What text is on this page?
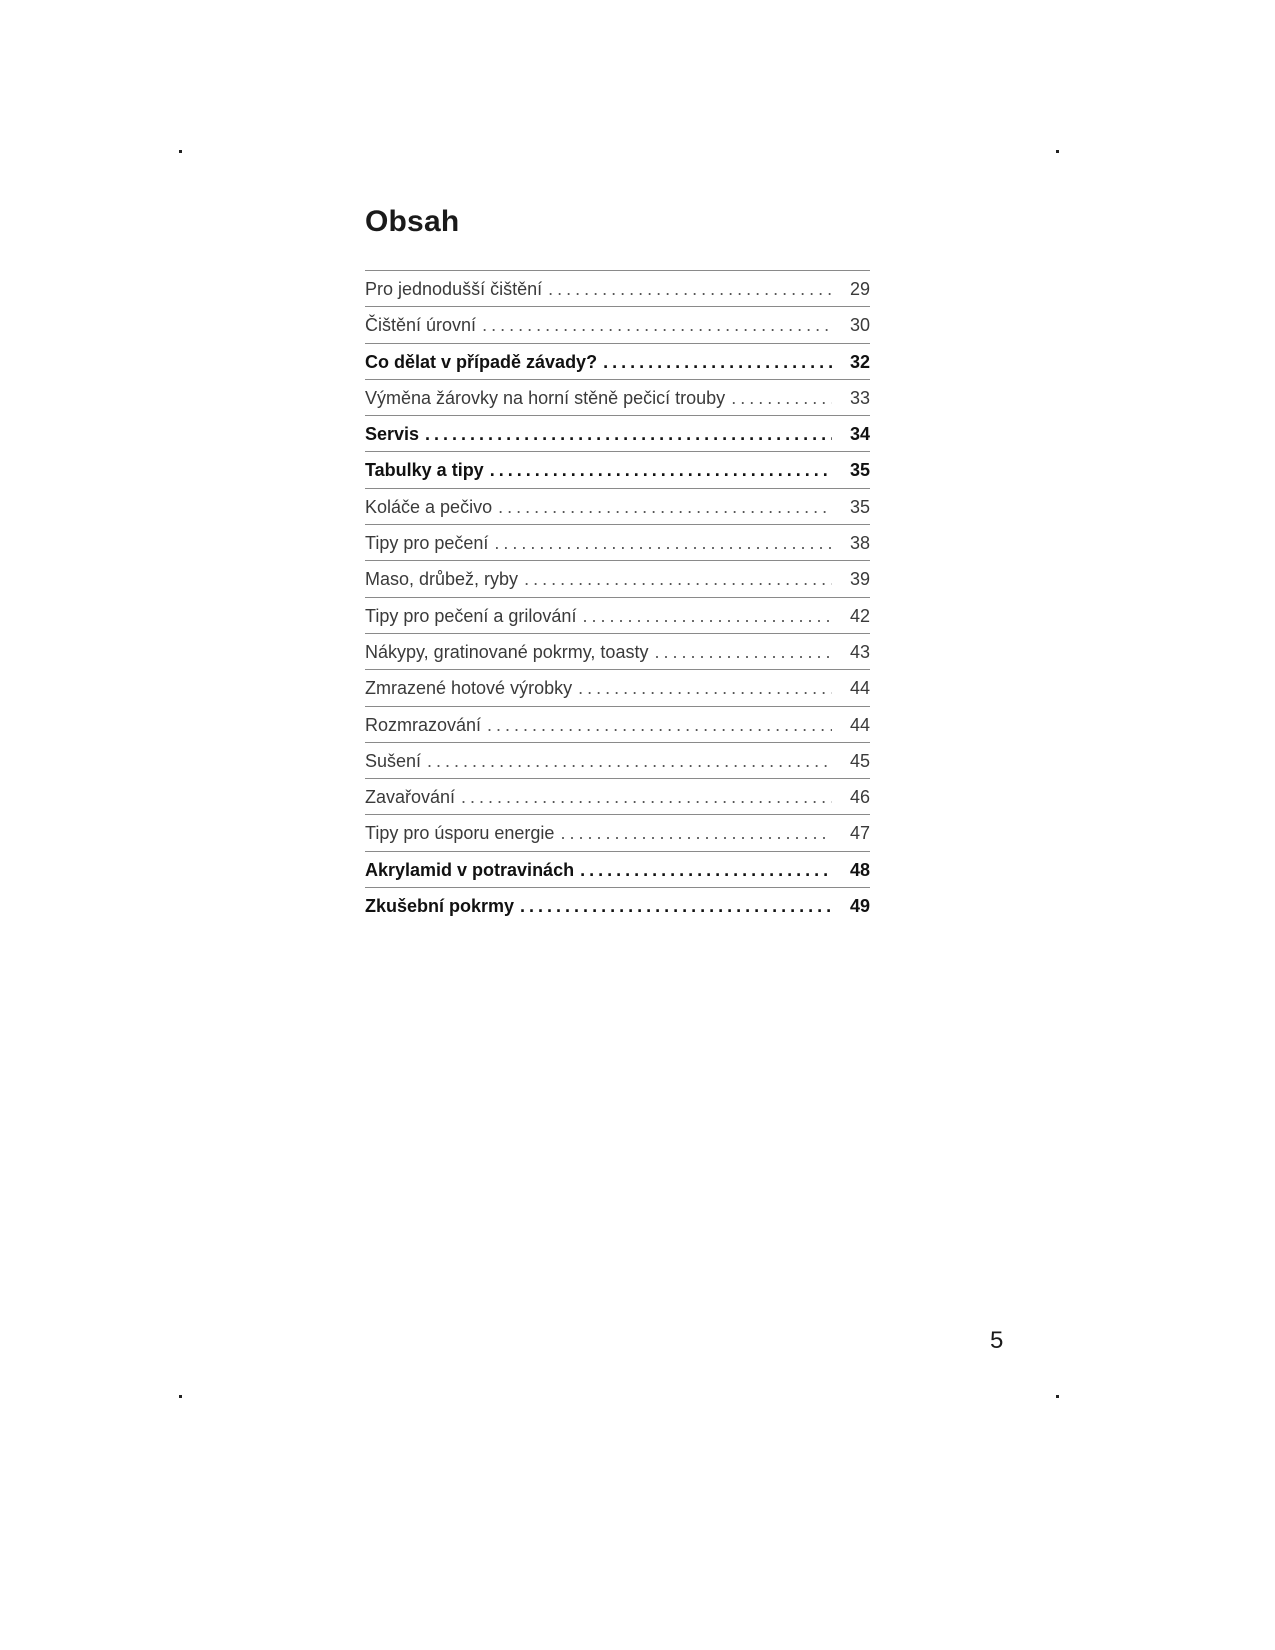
Obsah
Pro jednodušší čištění . . .	29
Čištění úrovní . . .	30
Co dělat v případě závady? . . .	32
Výměna žárovky na horní stěně pečicí trouby . . .	33
Servis . . .	34
Tabulky a tipy . . .	35
Koláče a pečivo . . .	35
Tipy pro pečení . . .	38
Maso, drůbež, ryby . . .	39
Tipy pro pečení a grilování . . .	42
Nákypy, gratinované pokrmy, toasty . . .	43
Zmrazené hotové výrobky . . .	44
Rozmrazování . . .	44
Sušení . . .	45
Zavařování . . .	46
Tipy pro úsporu energie . . .	47
Akrylamid v potravinách . . .	48
Zkušební pokrmy . . .	49
5
